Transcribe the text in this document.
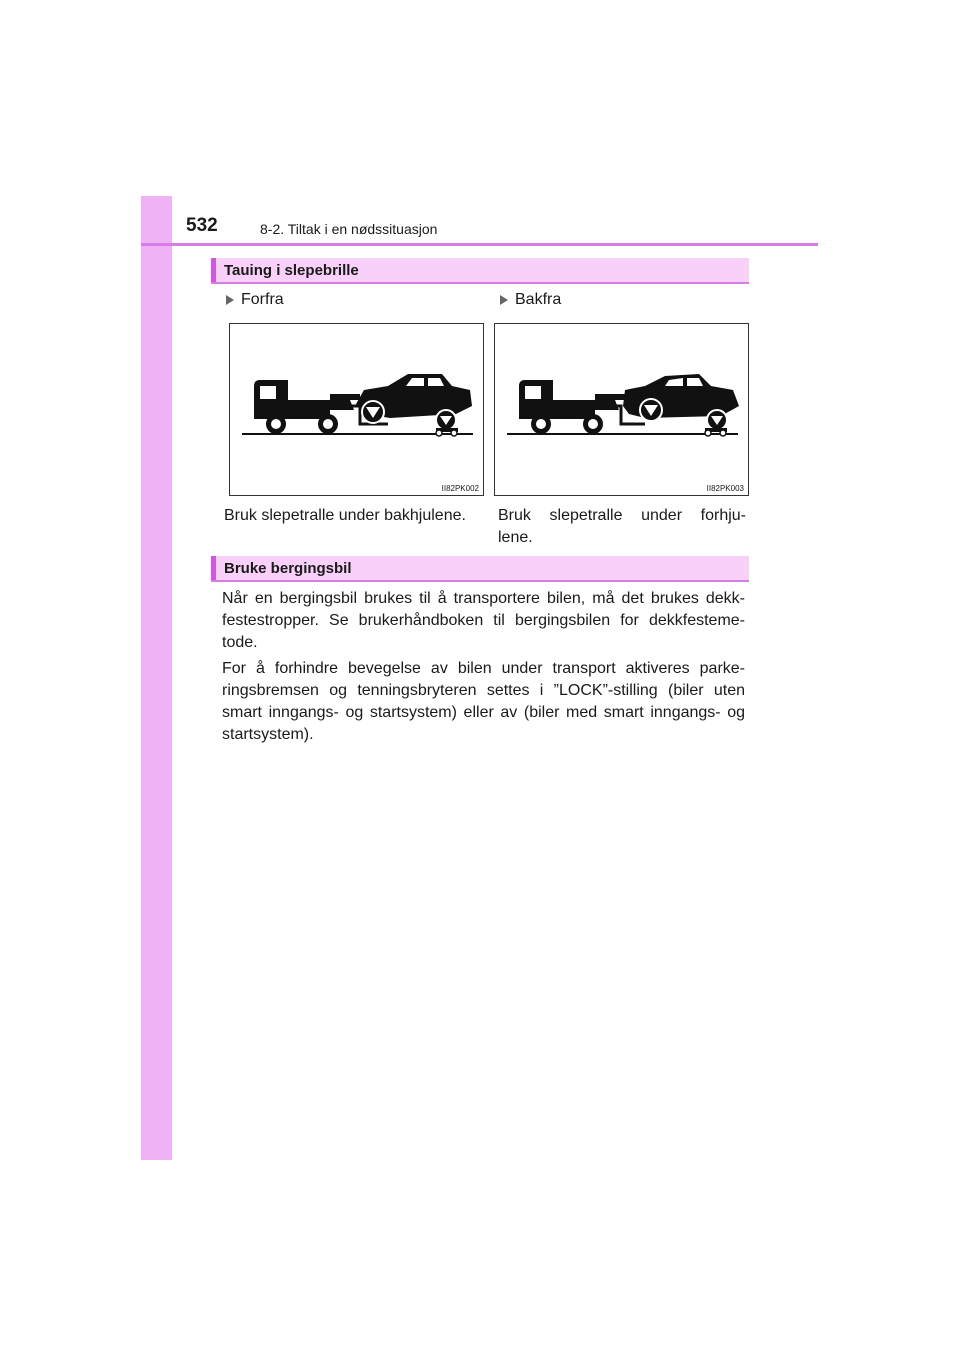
532	8-2. Tiltak i en nødssituasjon
Tauing i slepebrille
Forfra	Bakfra
II82PK002	II82PK003
Bruk slepetralle under bakhjulene.	Bruk slepetralle under forhju-
lene.
Bruke bergingsbil

Når en bergingsbil brukes til å transportere bilen, må det brukes dekk-festestropper. Se brukerhåndboken til bergingsbilen for dekkfesteme-tode.

For å forhindre bevegelse av bilen under transport aktiveres parke-ringsbremsen og tenningsbryteren settes i ”LOCK”-stilling (biler uten smart inngangs- og startsystem) eller av (biler med smart inngangs- og startsystem).
